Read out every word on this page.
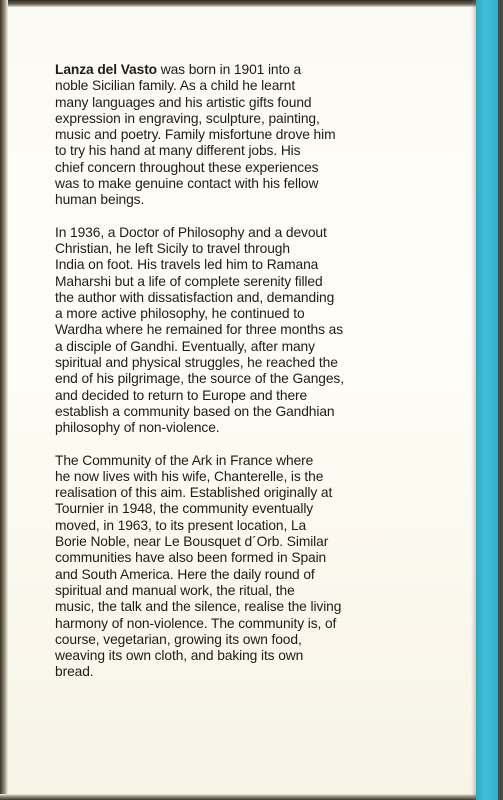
Lanza del Vasto was born in 1901 into a
noble Sicilian family. As a child he learnt
many languages and his artistic gifts found
expression in engraving, sculpture, painting,
music and poetry. Family misfortune drove him
to try his hand at many different jobs. His
chief concern throughout these experiences
was to make genuine contact with his fellow
human beings.

In 1936, a Doctor of Philosophy and a devout
Christian, he left Sicily to travel through
India on foot. His travels led him to Ramana
Maharshi but a life of complete serenity filled
the author with dissatisfaction and, demanding
a more active philosophy, he continued to
Wardha where he remained for three months as
a disciple of Gandhi. Eventually, after many
spiritual and physical struggles, he reached the
end of his pilgrimage, the source of the Ganges,
and decided to return to Europe and there
establish a community based on the Gandhian
philosophy of non-violence.

The Community of the Ark in France where
he now lives with his wife, Chanterelle, is the
realisation of this aim. Established originally at
Tournier in 1948, the community eventually
moved, in 1963, to its present location, La
Borie Noble, near Le Bousquet d´Orb. Similar
communities have also been formed in Spain
and South America. Here the daily round of
spiritual and manual work, the ritual, the
music, the talk and the silence, realise the living
harmony of non-violence. The community is, of
course, vegetarian, growing its own food,
weaving its own cloth, and baking its own
bread.
